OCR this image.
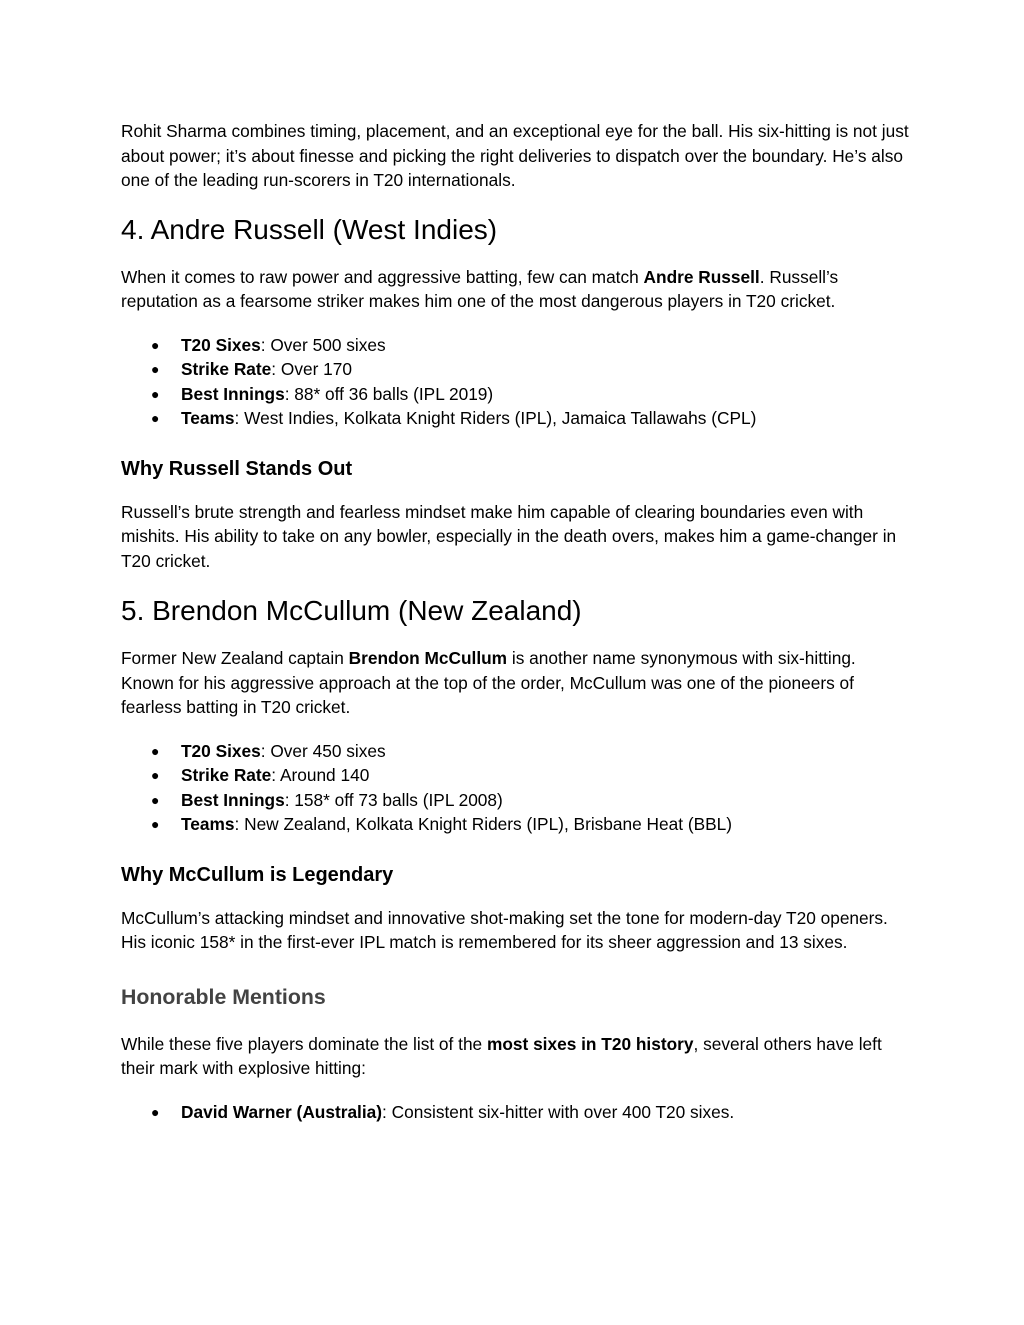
Rohit Sharma combines timing, placement, and an exceptional eye for the ball. His six-hitting is not just about power; it’s about finesse and picking the right deliveries to dispatch over the boundary. He’s also one of the leading run-scorers in T20 internationals.

4. Andre Russell (West Indies)

When it comes to raw power and aggressive batting, few can match Andre Russell. Russell’s reputation as a fearsome striker makes him one of the most dangerous players in T20 cricket.

● T20 Sixes: Over 500 sixes
● Strike Rate: Over 170
● Best Innings: 88* off 36 balls (IPL 2019)
● Teams: West Indies, Kolkata Knight Riders (IPL), Jamaica Tallawahs (CPL)
Why Russell Stands Out

Russell’s brute strength and fearless mindset make him capable of clearing boundaries even with mishits. His ability to take on any bowler, especially in the death overs, makes him a game-changer in T20 cricket.

5. Brendon McCullum (New Zealand)

Former New Zealand captain Brendon McCullum is another name synonymous with six-hitting. Known for his aggressive approach at the top of the order, McCullum was one of the pioneers of fearless batting in T20 cricket.

● T20 Sixes: Over 450 sixes
● Strike Rate: Around 140
● Best Innings: 158* off 73 balls (IPL 2008)
● Teams: New Zealand, Kolkata Knight Riders (IPL), Brisbane Heat (BBL)
Why McCullum is Legendary

McCullum’s attacking mindset and innovative shot-making set the tone for modern-day T20 openers. His iconic 158* in the first-ever IPL match is remembered for its sheer aggression and 13 sixes.

Honorable Mentions

While these five players dominate the list of the most sixes in T20 history, several others have left their mark with explosive hitting:

● David Warner (Australia): Consistent six-hitter with over 400 T20 sixes.
